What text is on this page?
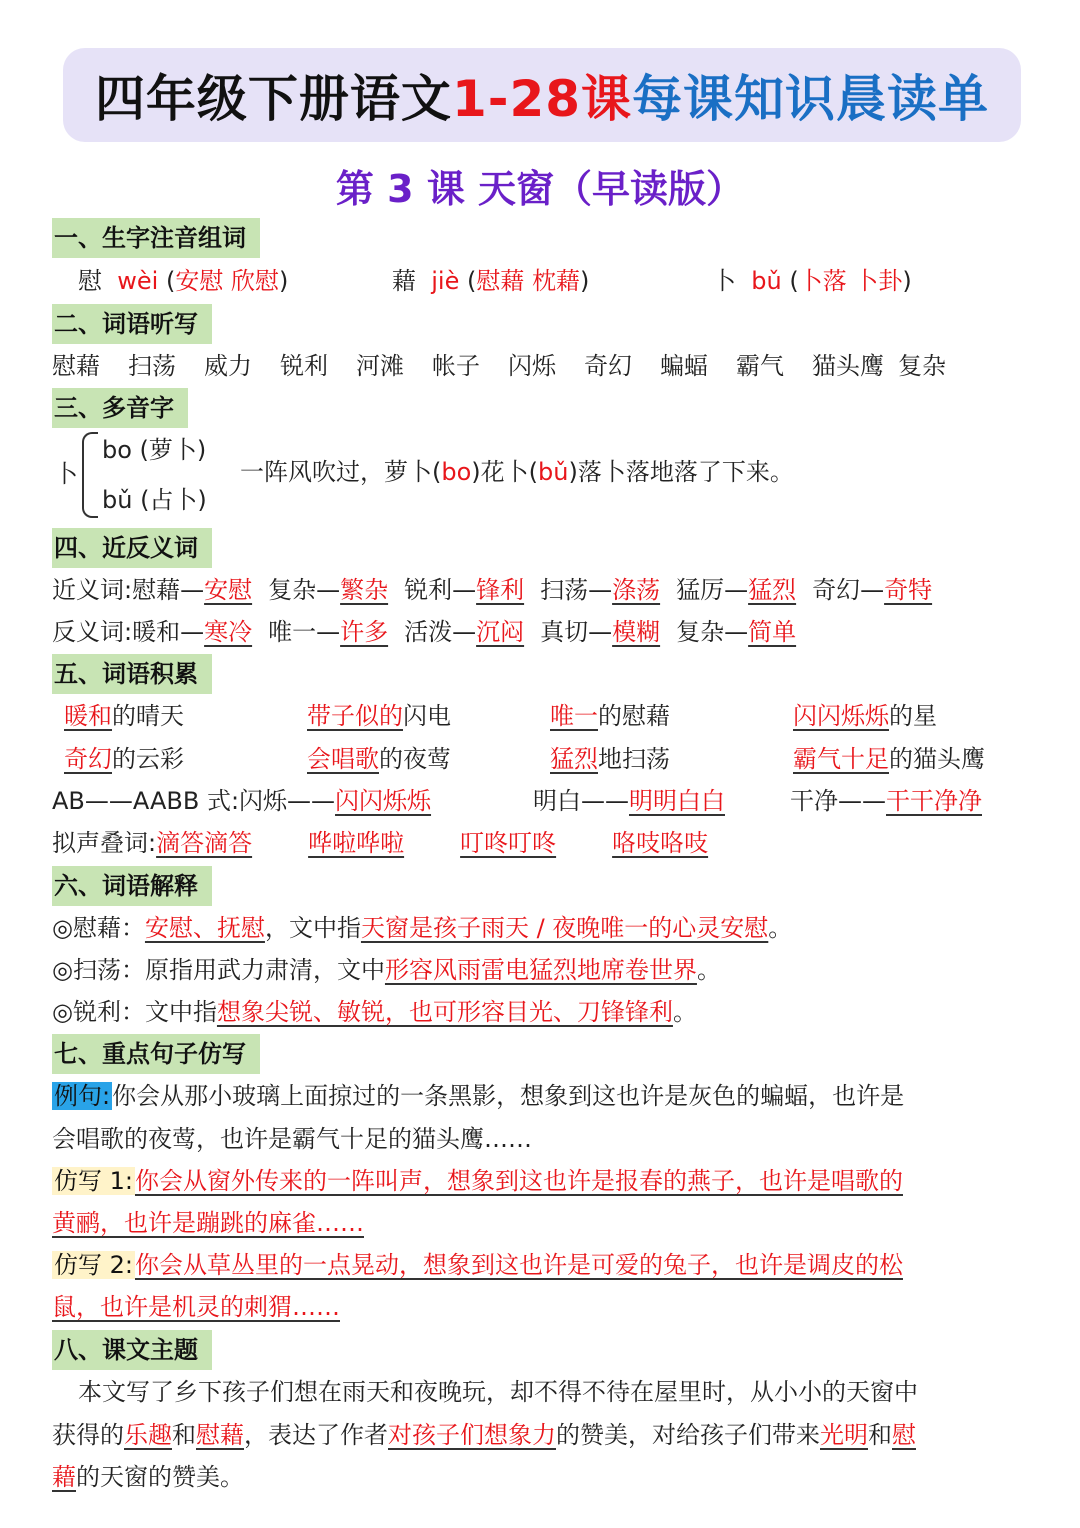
四年级下册语文 1-28课 每课知识晨读单
第 3 课 天窗（早读版）
一、生字注音组词
慰 wèi (安慰 欣慰)	藉 jiè (慰藉 枕藉)	卜 bǔ (卜落 卜卦)
二、词语听写
慰藉 扫荡 威力 锐利 河滩 帐子 闪烁 奇幻 蝙蝠 霸气 猫头鹰 复杂
三、多音字
卜
bo (萝卜)
bǔ (占卜)
一阵风吹过，萝卜(bo)花卜(bǔ)落卜落地落了下来。
四、近反义词
近义词:慰藉—安慰 复杂—繁杂 锐利—锋利 扫荡—涤荡 猛厉—猛烈 奇幻—奇特
反义词:暖和—寒冷 唯一—许多 活泼—沉闷 真切—模糊 复杂—简单
五、词语积累
暖和的晴天	带子似的闪电	唯一的慰藉	闪闪烁烁的星
奇幻的云彩	会唱歌的夜莺	猛烈地扫荡	霸气十足的猫头鹰
AB——AABB 式:闪烁——闪闪烁烁	明白——明明白白	干净——干干净净
拟声叠词:滴答滴答 哗啦哗啦 叮咚叮咚 咯吱咯吱
六、词语解释
◎慰藉：安慰、抚慰，文中指天窗是孩子雨天 / 夜晚唯一的心灵安慰。
◎扫荡：原指用武力肃清，文中形容风雨雷电猛烈地席卷世界。
◎锐利：文中指想象尖锐、敏锐，也可形容目光、刀锋锋利。
七、重点句子仿写
例句:你会从那小玻璃上面掠过的一条黑影，想象到这也许是灰色的蝙蝠，也许是
会唱歌的夜莺，也许是霸气十足的猫头鹰……
仿写 1:你会从窗外传来的一阵叫声，想象到这也许是报春的燕子，也许是唱歌的
黄鹂，也许是蹦跳的麻雀……
仿写 2:你会从草丛里的一点晃动，想象到这也许是可爱的兔子，也许是调皮的松
鼠，也许是机灵的刺猬……
八、课文主题
本文写了乡下孩子们想在雨天和夜晚玩，却不得不待在屋里时，从小小的天窗中
获得的乐趣和慰藉，表达了作者对孩子们想象力的赞美，对给孩子们带来光明和慰
藉的天窗的赞美。
